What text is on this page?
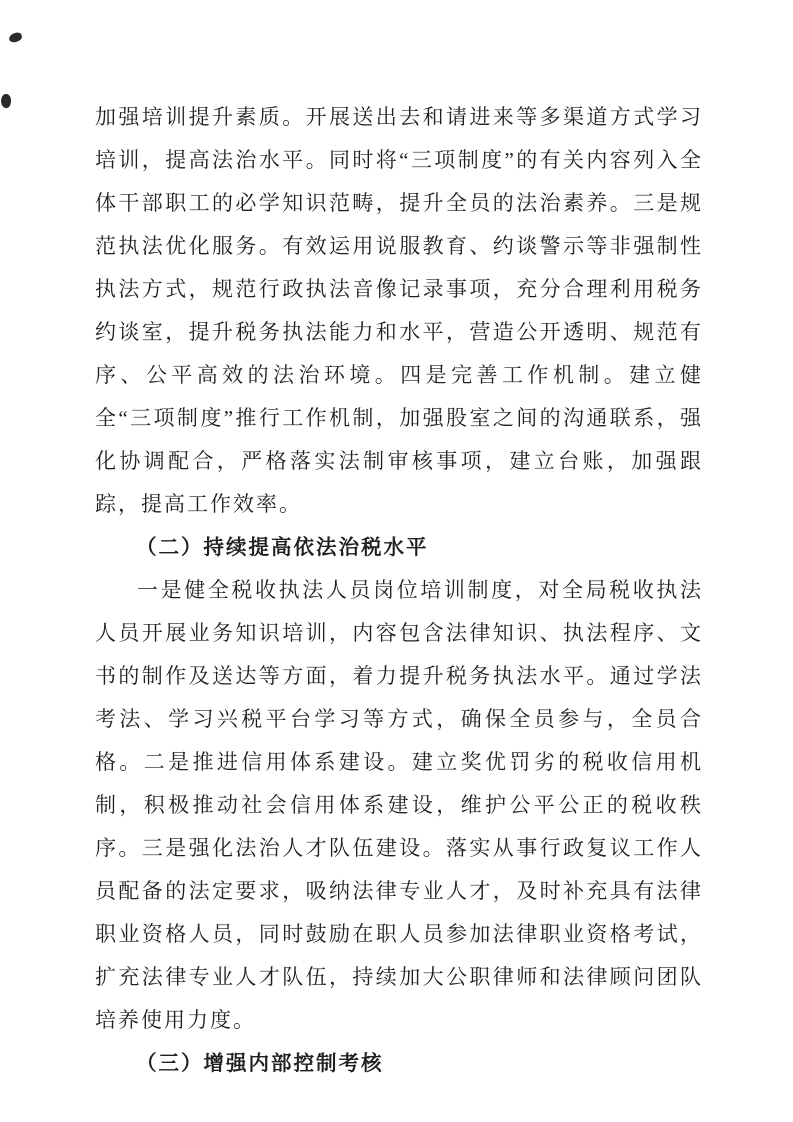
加强培训提升素质。开展送出去和请进来等多渠道方式学习培训，提高法治水平。同时将“三项制度”的有关内容列入全体干部职工的必学知识范畴，提升全员的法治素养。三是规范执法优化服务。有效运用说服教育、约谈警示等非强制性执法方式，规范行政执法音像记录事项，充分合理利用税务约谈室，提升税务执法能力和水平，营造公开透明、规范有序、公平高效的法治环境。四是完善工作机制。建立健全“三项制度”推行工作机制，加强股室之间的沟通联系，强化协调配合，严格落实法制审核事项，建立台账，加强跟踪，提高工作效率。

（二）持续提高依法治税水平

一是健全税收执法人员岗位培训制度，对全局税收执法人员开展业务知识培训，内容包含法律知识、执法程序、文书的制作及送达等方面，着力提升税务执法水平。通过学法考法、学习兴税平台学习等方式，确保全员参与，全员合格。二是推进信用体系建设。建立奖优罚劣的税收信用机制，积极推动社会信用体系建设，维护公平公正的税收秩序。三是强化法治人才队伍建设。落实从事行政复议工作人员配备的法定要求，吸纳法律专业人才，及时补充具有法律职业资格人员，同时鼓励在职人员参加法律职业资格考试，扩充法律专业人才队伍，持续加大公职律师和法律顾问团队培养使用力度。

（三）增强内部控制考核
